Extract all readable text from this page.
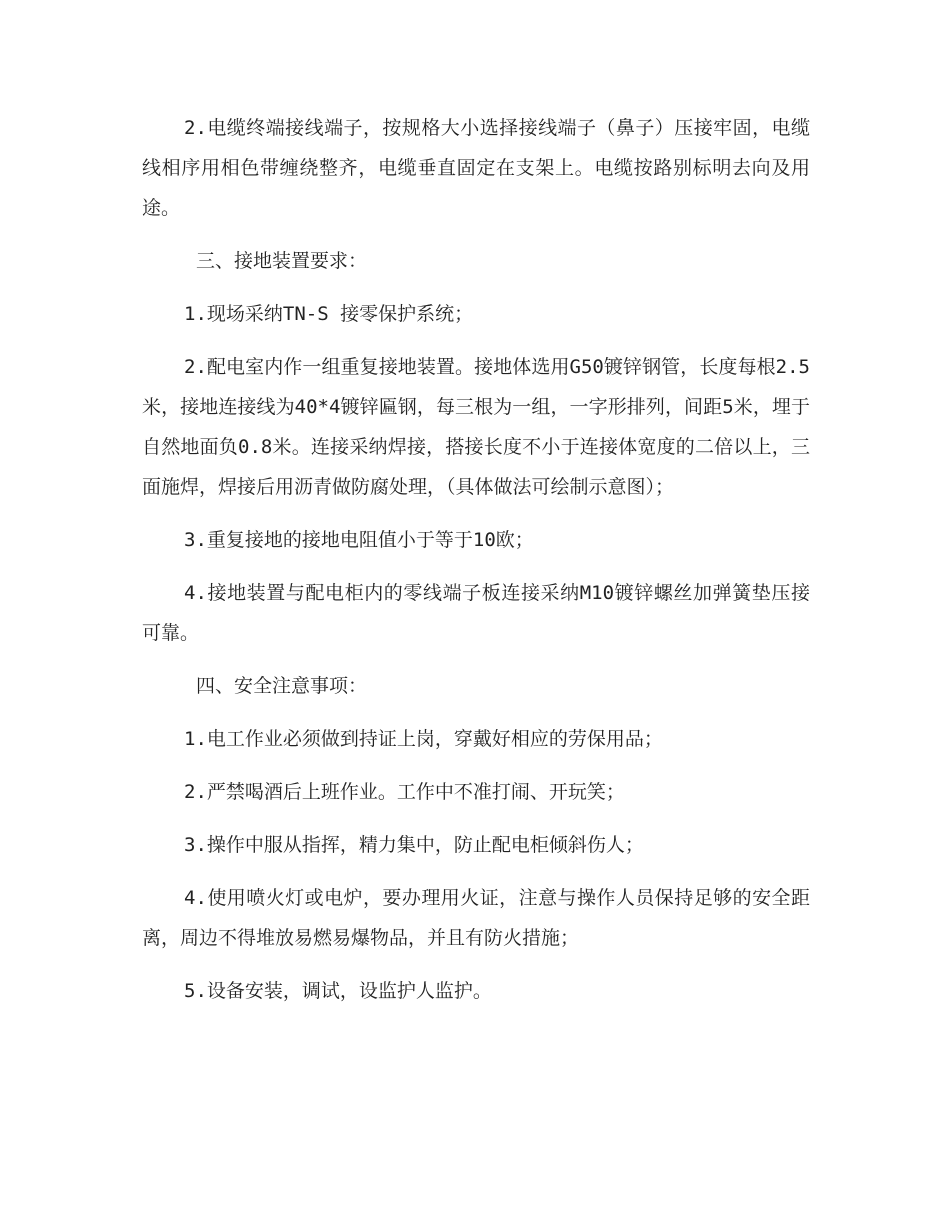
2.电缆终端接线端子，按规格大小选择接线端子（鼻子）压接牢固，电缆线相序用相色带缠绕整齐，电缆垂直固定在支架上。电缆按路别标明去向及用途。

三、接地装置要求：

1.现场采纳TN-S 接零保护系统；

2.配电室内作一组重复接地装置。接地体选用G50镀锌钢管，长度每根2.5米，接地连接线为40*4镀锌匾钢，每三根为一组，一字形排列，间距5米，埋于自然地面负0.8米。连接采纳焊接，搭接长度不小于连接体宽度的二倍以上，三面施焊，焊接后用沥青做防腐处理，（具体做法可绘制示意图）；

3.重复接地的接地电阻值小于等于10欧；

4.接地装置与配电柜内的零线端子板连接采纳M10镀锌螺丝加弹簧垫压接可靠。

四、安全注意事项：

1.电工作业必须做到持证上岗，穿戴好相应的劳保用品；

2.严禁喝酒后上班作业。工作中不准打闹、开玩笑；

3.操作中服从指挥，精力集中，防止配电柜倾斜伤人；

4.使用喷火灯或电炉，要办理用火证，注意与操作人员保持足够的安全距离，周边不得堆放易燃易爆物品，并且有防火措施；

5.设备安装，调试，设监护人监护。
